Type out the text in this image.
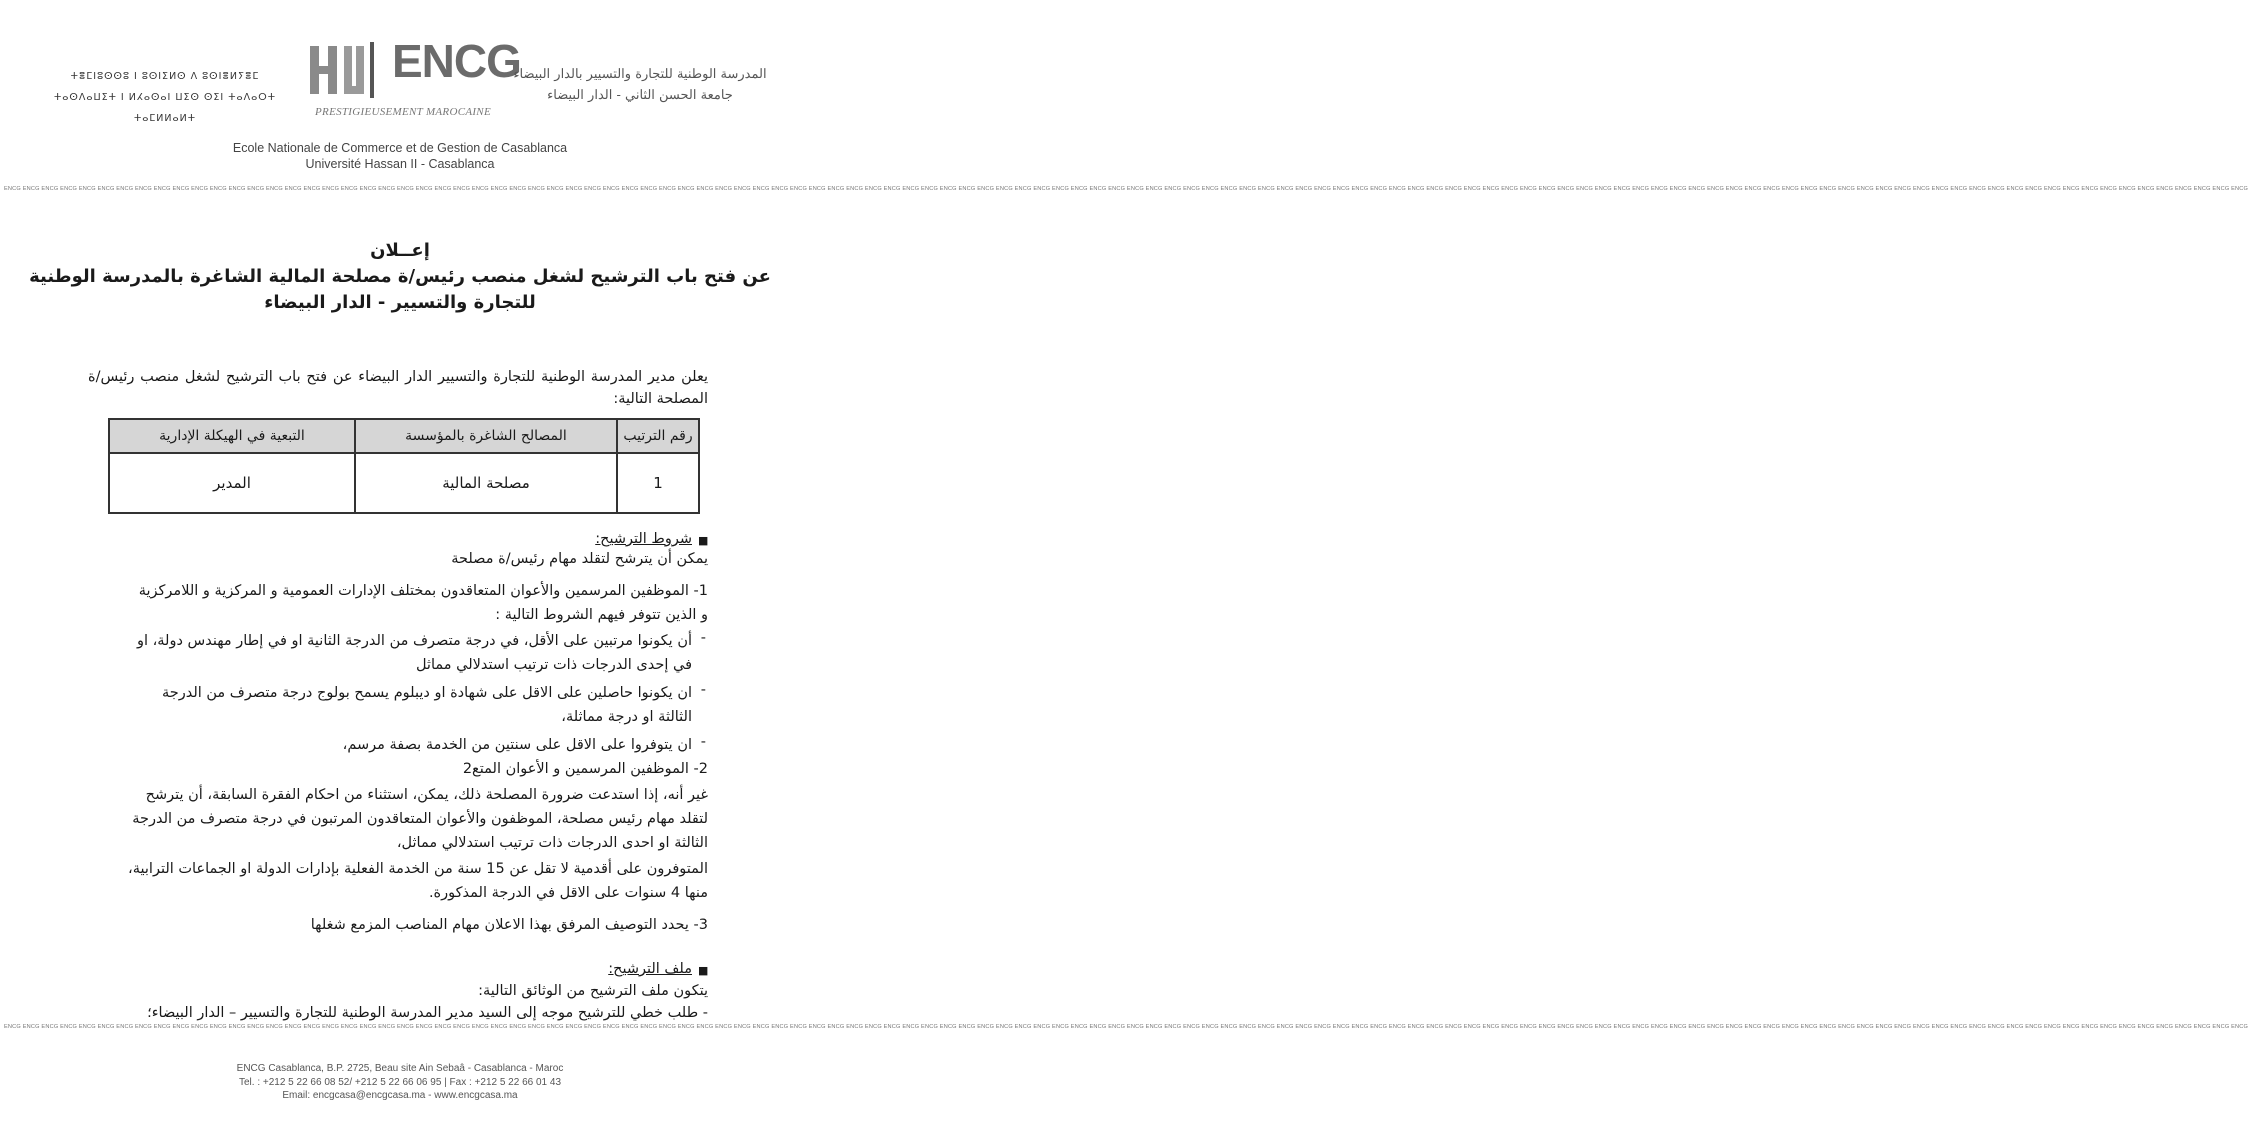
ⵜⴻⵎⵏⵓⵙⵙⵓ ⵏ ⵓⵙⵏⵉⵍⵙ ⴷ ⵓⵙⵏⴻⵍⵢⴻⵎ
ⵜⴰⵙⴷⴰⵡⵉⵜ ⵏ ⵍⵃⴰⵙⴰⵏ ⵡⵉⵙ ⵙⵉⵏ ⵜⴰⴷⴰⵔⵜ ⵜⴰⵎⵍⵍⴰⵍⵜ
ENCG
PRESTIGIEUSEMENT MAROCAINE
المدرسة الوطنية للتجارة والتسيير بالدار البيضاء
جامعة الحسن الثاني - الدار البيضاء
Ecole Nationale de Commerce et de Gestion de Casablanca
Université Hassan II - Casablanca
ENCG ENCG ENCG ENCG ENCG ENCG ENCG ENCG ENCG ENCG ENCG ENCG ENCG ENCG ENCG ENCG ENCG ENCG ENCG ENCG ENCG ENCG ENCG ENCG ENCG ENCG ENCG ENCG ENCG ENCG ENCG ENCG ENCG ENCG ENCG ENCG ENCG ENCG ENCG ENCG ENCG ENCG ENCG ENCG ENCG ENCG ENCG ENCG ENCG ENCG ENCG ENCG ENCG ENCG ENCG ENCG ENCG ENCG ENCG ENCG ENCG ENCG ENCG ENCG ENCG ENCG ENCG ENCG ENCG ENCG ENCG ENCG ENCG ENCG ENCG ENCG ENCG ENCG ENCG ENCG ENCG ENCG ENCG ENCG ENCG ENCG ENCG ENCG ENCG ENCG ENCG ENCG ENCG ENCG ENCG ENCG ENCG ENCG ENCG ENCG ENCG ENCG ENCG ENCG ENCG ENCG ENCG ENCG ENCG ENCG ENCG ENCG ENCG ENCG ENCG ENCG ENCG ENCG ENCG ENCG
إعــلان
عن فتح باب الترشيح لشغل منصب رئيس/ة مصلحة المالية الشاغرة بالمدرسة الوطنية
للتجارة والتسيير - الدار البيضاء
يعلن مدير المدرسة الوطنية للتجارة والتسيير الدار البيضاء عن فتح باب الترشيح لشغل منصب رئيس/ة المصلحة التالية:
رقم الترتيب	المصالح الشاغرة بالمؤسسة	التبعية في الهيكلة الإدارية
1	مصلحة المالية	المدير
■
شروط الترشيح:
يمكن أن يترشح لتقلد مهام رئيس/ة مصلحة
1- الموظفين المرسمين والأعوان المتعاقدون بمختلف الإدارات العمومية و المركزية و اللامركزية
و الذين تتوفر فيهم الشروط التالية :
أن يكونوا مرتبين على الأقل، في درجة متصرف من الدرجة الثانية او في إطار مهندس دولة، او -
في إحدى الدرجات ذات ترتيب استدلالي مماثل
ان يكونوا حاصلين على الاقل على شهادة او ديبلوم يسمح بولوج درجة متصرف من الدرجة -
الثالثة او درجة مماثلة،
ان يتوفروا على الاقل على سنتين من الخدمة بصفة مرسم، -
2- الموظفين المرسمين و الأعوان المتع2
غير أنه، إذا استدعت ضرورة المصلحة ذلك، يمكن، استثناء من احكام الفقرة السابقة، أن يترشح
لتقلد مهام رئيس مصلحة، الموظفون والأعوان المتعاقدون المرتبون في درجة متصرف من الدرجة
الثالثة او احدى الدرجات ذات ترتيب استدلالي مماثل،
المتوفرون على أقدمية لا تقل عن 15 سنة من الخدمة الفعلية بإدارات الدولة او الجماعات الترابية،
منها 4 سنوات على الاقل في الدرجة المذكورة.
3- يحدد التوصيف المرفق بهذا الاعلان مهام المناصب المزمع شغلها
■
ملف الترشيح:
يتكون ملف الترشيح من الوثائق التالية:
- طلب خطي للترشيح موجه إلى السيد مدير المدرسة الوطنية للتجارة والتسيير – الدار البيضاء؛
ENCG ENCG ENCG ENCG ENCG ENCG ENCG ENCG ENCG ENCG ENCG ENCG ENCG ENCG ENCG ENCG ENCG ENCG ENCG ENCG ENCG ENCG ENCG ENCG ENCG ENCG ENCG ENCG ENCG ENCG ENCG ENCG ENCG ENCG ENCG ENCG ENCG ENCG ENCG ENCG ENCG ENCG ENCG ENCG ENCG ENCG ENCG ENCG ENCG ENCG ENCG ENCG ENCG ENCG ENCG ENCG ENCG ENCG ENCG ENCG ENCG ENCG ENCG ENCG ENCG ENCG ENCG ENCG ENCG ENCG ENCG ENCG ENCG ENCG ENCG ENCG ENCG ENCG ENCG ENCG ENCG ENCG ENCG ENCG ENCG ENCG ENCG ENCG ENCG ENCG ENCG ENCG ENCG ENCG ENCG ENCG ENCG ENCG ENCG ENCG ENCG ENCG ENCG ENCG ENCG ENCG ENCG ENCG ENCG ENCG ENCG ENCG ENCG ENCG ENCG ENCG ENCG ENCG ENCG ENCG
ENCG Casablanca, B.P. 2725, Beau site Ain Sebaâ - Casablanca - Maroc
Tel. : +212 5 22 66 08 52/ +212 5 22 66 06 95 | Fax : +212 5 22 66 01 43
Email: encgcasa@encgcasa.ma - www.encgcasa.ma
